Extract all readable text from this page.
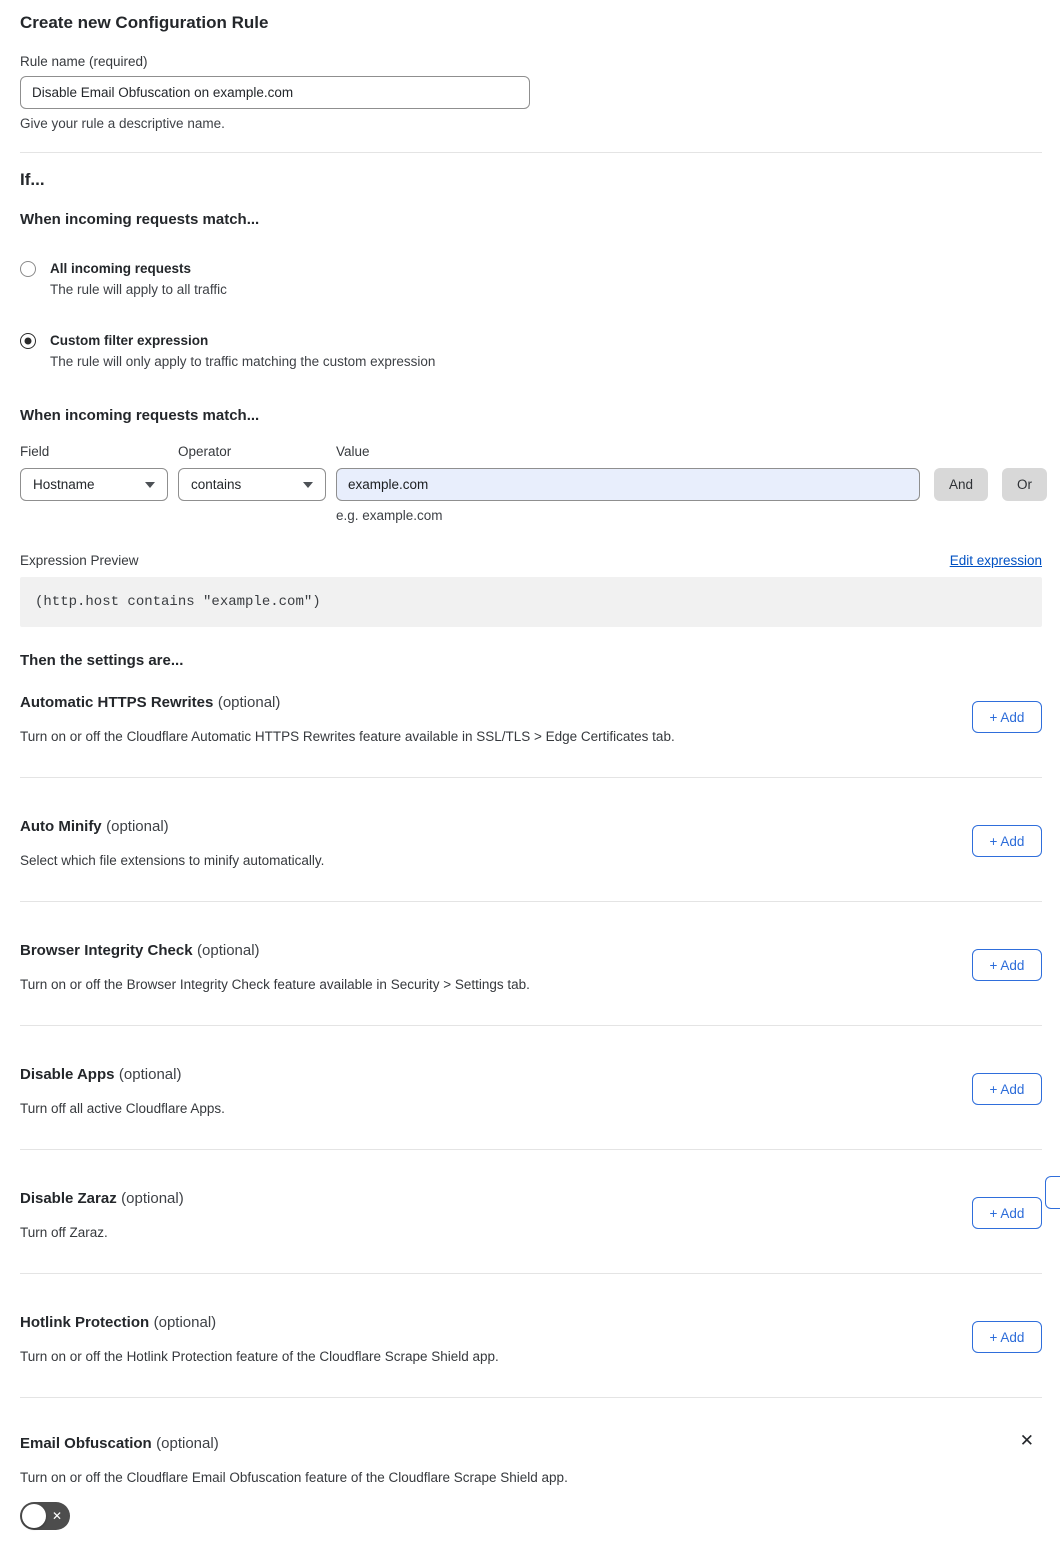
Create new Configuration Rule
Rule name (required)
Disable Email Obfuscation on example.com
Give your rule a descriptive name.
If...
When incoming requests match...
All incoming requests
The rule will apply to all traffic
Custom filter expression
The rule will only apply to traffic matching the custom expression
When incoming requests match...
Field
Hostname
Operator
contains
Value
example.com
And	Or
e.g. example.com
Expression Preview	Edit expression
(http.host contains "example.com")
Then the settings are...
Automatic HTTPS Rewrites (optional)
Turn on or off the Cloudflare Automatic HTTPS Rewrites feature available in SSL/TLS > Edge Certificates tab.
+ Add
Auto Minify (optional)
Select which file extensions to minify automatically.
+ Add
Browser Integrity Check (optional)
Turn on or off the Browser Integrity Check feature available in Security > Settings tab.
+ Add
Disable Apps (optional)
Turn off all active Cloudflare Apps.
+ Add
Disable Zaraz (optional)
Turn off Zaraz.
+ Add
Hotlink Protection (optional)
Turn on or off the Hotlink Protection feature of the Cloudflare Scrape Shield app.
+ Add
Email Obfuscation (optional)
Turn on or off the Cloudflare Email Obfuscation feature of the Cloudflare Scrape Shield app.
✕
✕
